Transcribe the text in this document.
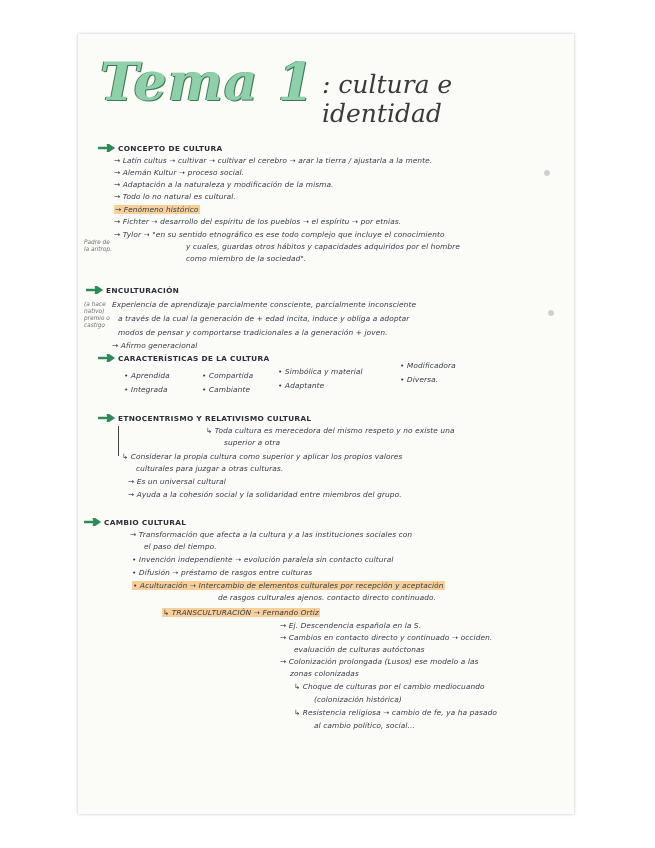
Tema 1 : cultura e identidad
CONCEPTO DE CULTURA
→ Latín cultus ➝ cultivar ➝ cultivar el cerebro ➝ arar la tierra / ajustarla a la mente.
→ Alemán Kultur ➝ proceso social.
→ Adaptación a la naturaleza y modificación de la misma.
→ Todo lo no natural es cultural.
→ Fenómeno histórico
→ Fichter ➝ desarrollo del espíritu de los pueblos ➝ el espíritu ➝ por etnias.
→ Tylor ➝ "en su sentido etnográfico es ese todo complejo que incluye el conocimiento
y cuales, guardas otros hábitos y capacidades adquiridos por el hombre
como miembro de la sociedad".
Padre de la antrop.
ENCULTURACIÓN
Experiencia de aprendizaje parcialmente consciente, parcialmente inconsciente
a través de la cual la generación de + edad incita, induce y obliga a adoptar
modos de pensar y comportarse tradicionales a la generación + joven.
→ Afirmo generacional
(a hace nativo) premio o castigo
CARACTERÍSTICAS DE LA CULTURA
• Aprendida
• Integrada
• Compartida
• Cambiante
• Simbólica y material
• Adaptante
• Modificadora
• Diversa.
ETNOCENTRISMO Y RELATIVISMO CULTURAL
↳ Toda cultura es merecedora del mismo respeto y no existe una
superior a otra
↳ Considerar la propia cultura como superior y aplicar los propios valores
culturales para juzgar a otras culturas.
→ Es un universal cultural
→ Ayuda a la cohesión social y la solidaridad entre miembros del grupo.
CAMBIO CULTURAL
→ Transformación que afecta a la cultura y a las instituciones sociales con
el paso del tiempo.
• Invención independiente ➝ evolución paralela sin contacto cultural
• Difusión ➝ préstamo de rasgos entre culturas
• Aculturación ➝ Intercambio de elementos culturales por recepción y aceptación
de rasgos culturales ajenos. contacto directo continuado.
↳ TRANSCULTURACIÓN ➝ Fernando Ortiz
→ Ej. Descendencia española en la S.
→ Cambios en contacto directo y continuado ➝ occiden.
evaluación de culturas autóctonas
→ Colonización prolongada (Lusos) ese modelo a las
zonas colonizadas
↳ Choque de culturas por el cambio mediocuando
(colonización histórica)
↳ Resistencia religiosa ➝ cambio de fe, ya ha pasado
al cambio político, social...
